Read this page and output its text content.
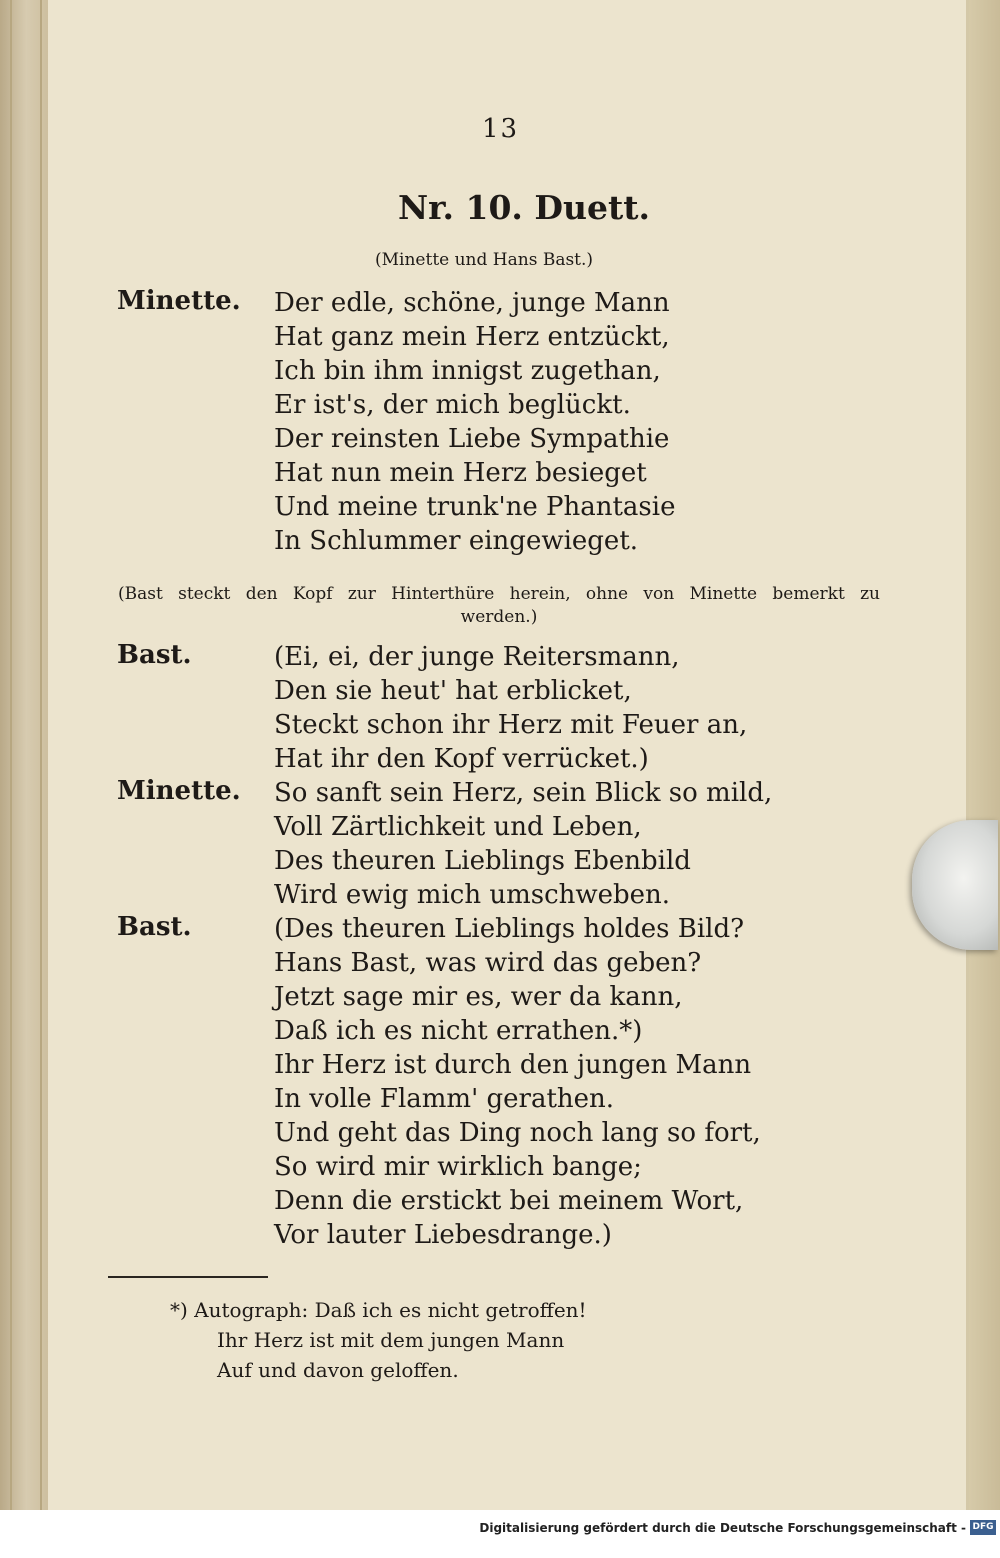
13
Nr. 10. Duett.
(Minette und Hans Bast.)
Minette. Der edle, schöne, junge Mann
Hat ganz mein Herz entzückt,
Ich bin ihm innigst zugethan,
Er ist's, der mich beglückt.
Der reinsten Liebe Sympathie
Hat nun mein Herz besieget
Und meine trunk'ne Phantasie
In Schlummer eingewieget.
(Bast steckt den Kopf zur Hinterthüre herein, ohne von Minette bemerkt zu
werden.)
Bast.	(Ei, ei, der junge Reitersmann,
Den sie heut' hat erblicket,
Steckt schon ihr Herz mit Feuer an,
Hat ihr den Kopf verrücket.)
Minette. So sanft sein Herz, sein Blick so mild,
Voll Zärtlichkeit und Leben,
Des theuren Lieblings Ebenbild
Wird ewig mich umschweben.
Bast.	(Des theuren Lieblings holdes Bild?
Hans Bast, was wird das geben?
Jetzt sage mir es, wer da kann,
Daß ich es nicht errathen.*)
Ihr Herz ist durch den jungen Mann
In volle Flamm' gerathen.
Und geht das Ding noch lang so fort,
So wird mir wirklich bange;
Denn die erstickt bei meinem Wort,
Vor lauter Liebesdrange.)
*) Autograph: Daß ich es nicht getroffen!
Ihr Herz ist mit dem jungen Mann
Auf und davon geloffen.
Digitalisierung gefördert durch die Deutsche Forschungsgemeinschaft - DFG
